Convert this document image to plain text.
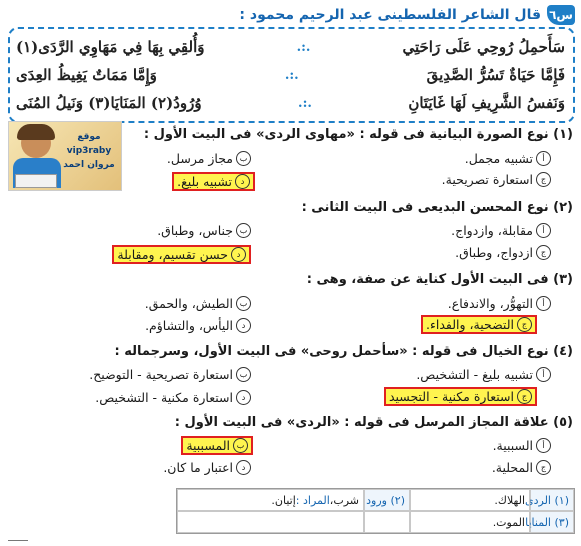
س٦
قال الشاعر الفلسطينى عبد الرحيم محمود :
سَأَحمِلُ رُوحِي عَلَى رَاحَتِي
.:.
وَأُلقِي بِهَا فِي مَهَاوِي الرَّدَى(١)
فَإِمَّا حَيَاةٌ تَسُرُّ الصَّدِيقَ
.:.
وَإِمَّا مَمَاتٌ يَغِيظُ العِدَى
وَنَفسُ الشَّرِيفِ لَهَا غَايَتَانِ
.:.
وُرُودُ(٢) المَنَايَا(٣) وَنَيلُ المُنَى
موقع
vip3raby
مروان احمد
(١) نوع الصورة البيانية فى قوله : «مهاوى الردى» فى البيت الأول :
أ
تشبيه مجمل.
ب
مجاز مرسل.
ج
استعارة تصريحية.
د
تشبيه بليغ.
(٢) نوع المحسن البديعى فى البيت الثانى :
أ
مقابلة، وازدواج.
ب
جناس، وطباق.
ج
ازدواج، وطباق.
د
حسن تقسيم، ومقابلة
(٣) فى البيت الأول كناية عن صفة، وهى :
أ
التهوُّر، والاندفاع.
ب
الطيش، والحمق.
ج
التضحية، والفداء.
د
اليأس، والتشاؤم.
(٤) نوع الخيال فى قوله : «سأحمل روحى» فى البيت الأول، وسرجماله :
أ
تشبيه بليغ - التشخيص.
ب
استعارة تصريحية - التوضيح.
ج
استعارة مكنية - التجسيد
د
استعارة مكنية - التشخيص.
(٥) علاقة المجاز المرسل فى قوله : «الردى» فى البيت الأول :
أ
السببية.
ب
المسببية
ج
المحلية.
د
اعتبار ما كان.
(١) الردى
الهلاك.
(٢) ورود
شرب،
المراد :
إتيان.
(٣) المنايا
الموت.
